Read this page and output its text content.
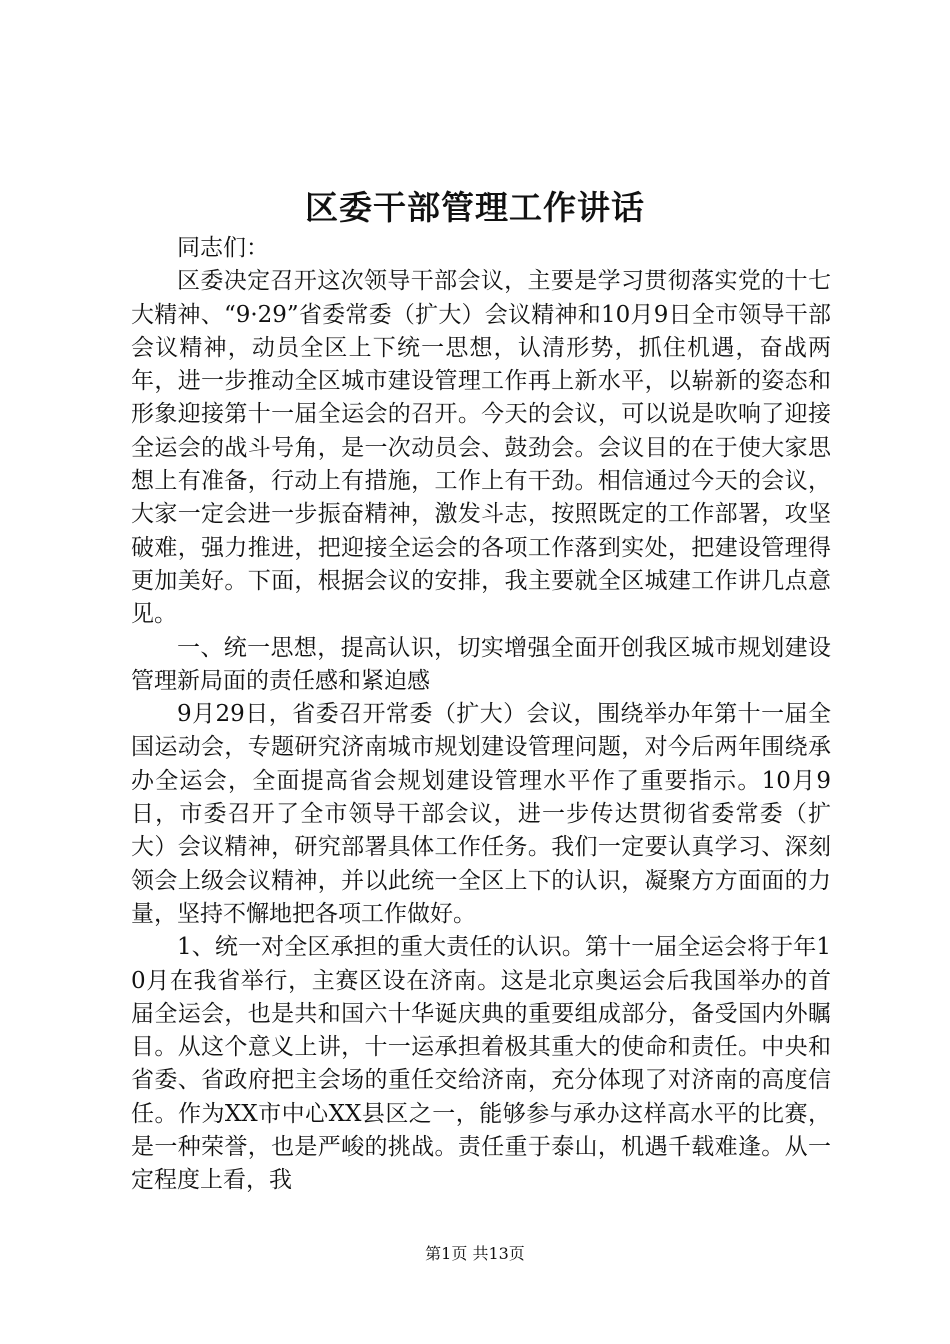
区委干部管理工作讲话

同志们：

区委决定召开这次领导干部会议，主要是学习贯彻落实党的十七大精神、“9·29”省委常委（扩大）会议精神和10月9日全市领导干部会议精神，动员全区上下统一思想，认清形势，抓住机遇，奋战两年，进一步推动全区城市建设管理工作再上新水平，以崭新的姿态和形象迎接第十一届全运会的召开。今天的会议，可以说是吹响了迎接全运会的战斗号角，是一次动员会、鼓劲会。会议目的在于使大家思想上有准备，行动上有措施，工作上有干劲。相信通过今天的会议，大家一定会进一步振奋精神，激发斗志，按照既定的工作部署，攻坚破难，强力推进，把迎接全运会的各项工作落到实处，把建设管理得更加美好。下面，根据会议的安排，我主要就全区城建工作讲几点意见。

一、统一思想，提高认识，切实增强全面开创我区城市规划建设管理新局面的责任感和紧迫感

9月29日，省委召开常委（扩大）会议，围绕举办年第十一届全国运动会，专题研究济南城市规划建设管理问题，对今后两年围绕承办全运会，全面提高省会规划建设管理水平作了重要指示。10月9日，市委召开了全市领导干部会议，进一步传达贯彻省委常委（扩大）会议精神，研究部署具体工作任务。我们一定要认真学习、深刻领会上级会议精神，并以此统一全区上下的认识，凝聚方方面面的力量，坚持不懈地把各项工作做好。

1、统一对全区承担的重大责任的认识。第十一届全运会将于年10月在我省举行，主赛区设在济南。这是北京奥运会后我国举办的首届全运会，也是共和国六十华诞庆典的重要组成部分，备受国内外瞩目。从这个意义上讲，十一运承担着极其重大的使命和责任。中央和省委、省政府把主会场的重任交给济南，充分体现了对济南的高度信任。作为XX市中心XX县区之一，能够参与承办这样高水平的比赛，是一种荣誉，也是严峻的挑战。责任重于泰山，机遇千载难逢。从一定程度上看，我

第1页 共13页
